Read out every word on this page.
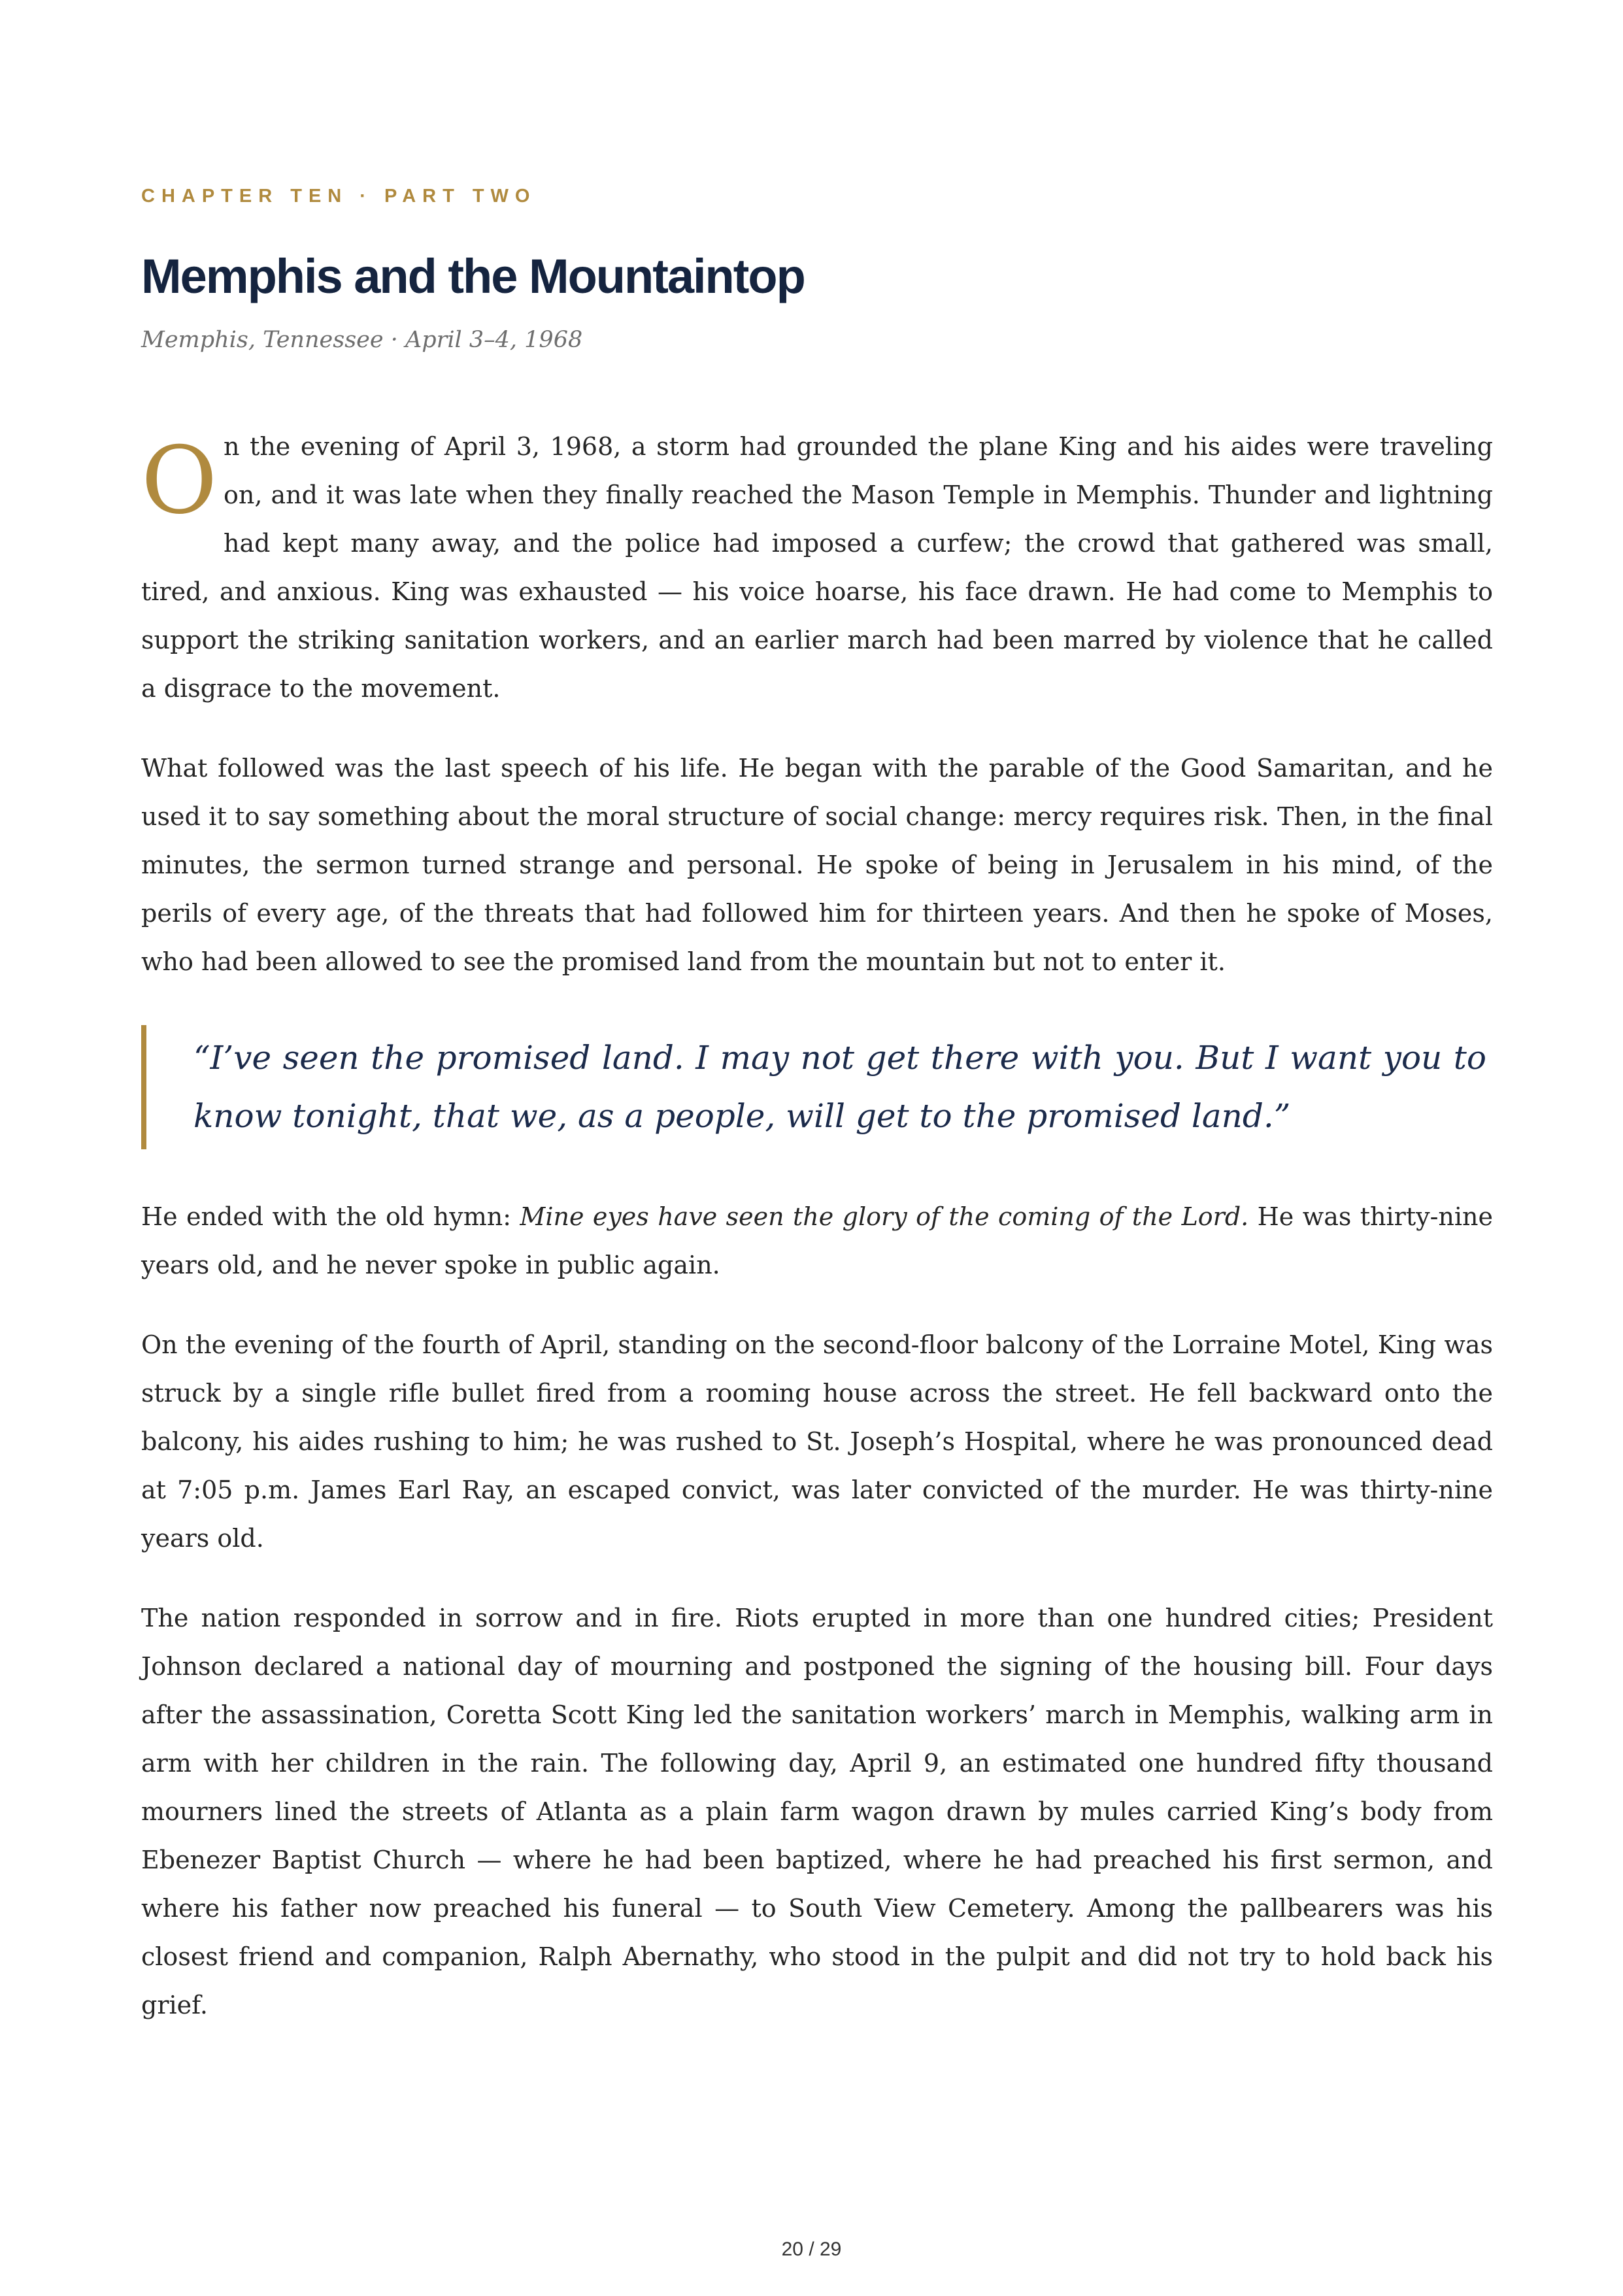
CHAPTER TEN · PART TWO
Memphis and the Mountaintop
Memphis, Tennessee · April 3–4, 1968

On the evening of April 3, 1968, a storm had grounded the plane King and his aides were traveling on, and it was late when they finally reached the Mason Temple in Memphis. Thunder and lightning had kept many away, and the police had imposed a curfew; the crowd that gathered was small, tired, and anxious. King was exhausted — his voice hoarse, his face drawn. He had come to Memphis to support the striking sanitation workers, and an earlier march had been marred by violence that he called a disgrace to the movement.

What followed was the last speech of his life. He began with the parable of the Good Samaritan, and he used it to say something about the moral structure of social change: mercy requires risk. Then, in the final minutes, the sermon turned strange and personal. He spoke of being in Jerusalem in his mind, of the perils of every age, of the threats that had followed him for thirteen years. And then he spoke of Moses, who had been allowed to see the promised land from the mountain but not to enter it.

“I’ve seen the promised land. I may not get there with you. But I want you to know tonight, that we, as a people, will get to the promised land.”

He ended with the old hymn: Mine eyes have seen the glory of the coming of the Lord. He was thirty-nine years old, and he never spoke in public again.

On the evening of the fourth of April, standing on the second-floor balcony of the Lorraine Motel, King was struck by a single rifle bullet fired from a rooming house across the street. He fell backward onto the balcony, his aides rushing to him; he was rushed to St. Joseph’s Hospital, where he was pronounced dead at 7:05 p.m. James Earl Ray, an escaped convict, was later convicted of the murder. He was thirty-nine years old.

The nation responded in sorrow and in fire. Riots erupted in more than one hundred cities; President Johnson declared a national day of mourning and postponed the signing of the housing bill. Four days after the assassination, Coretta Scott King led the sanitation workers’ march in Memphis, walking arm in arm with her children in the rain. The following day, April 9, an estimated one hundred fifty thousand mourners lined the streets of Atlanta as a plain farm wagon drawn by mules carried King’s body from Ebenezer Baptist Church — where he had been baptized, where he had preached his first sermon, and where his father now preached his funeral — to South View Cemetery. Among the pallbearers was his closest friend and companion, Ralph Abernathy, who stood in the pulpit and did not try to hold back his grief.

20 / 29
